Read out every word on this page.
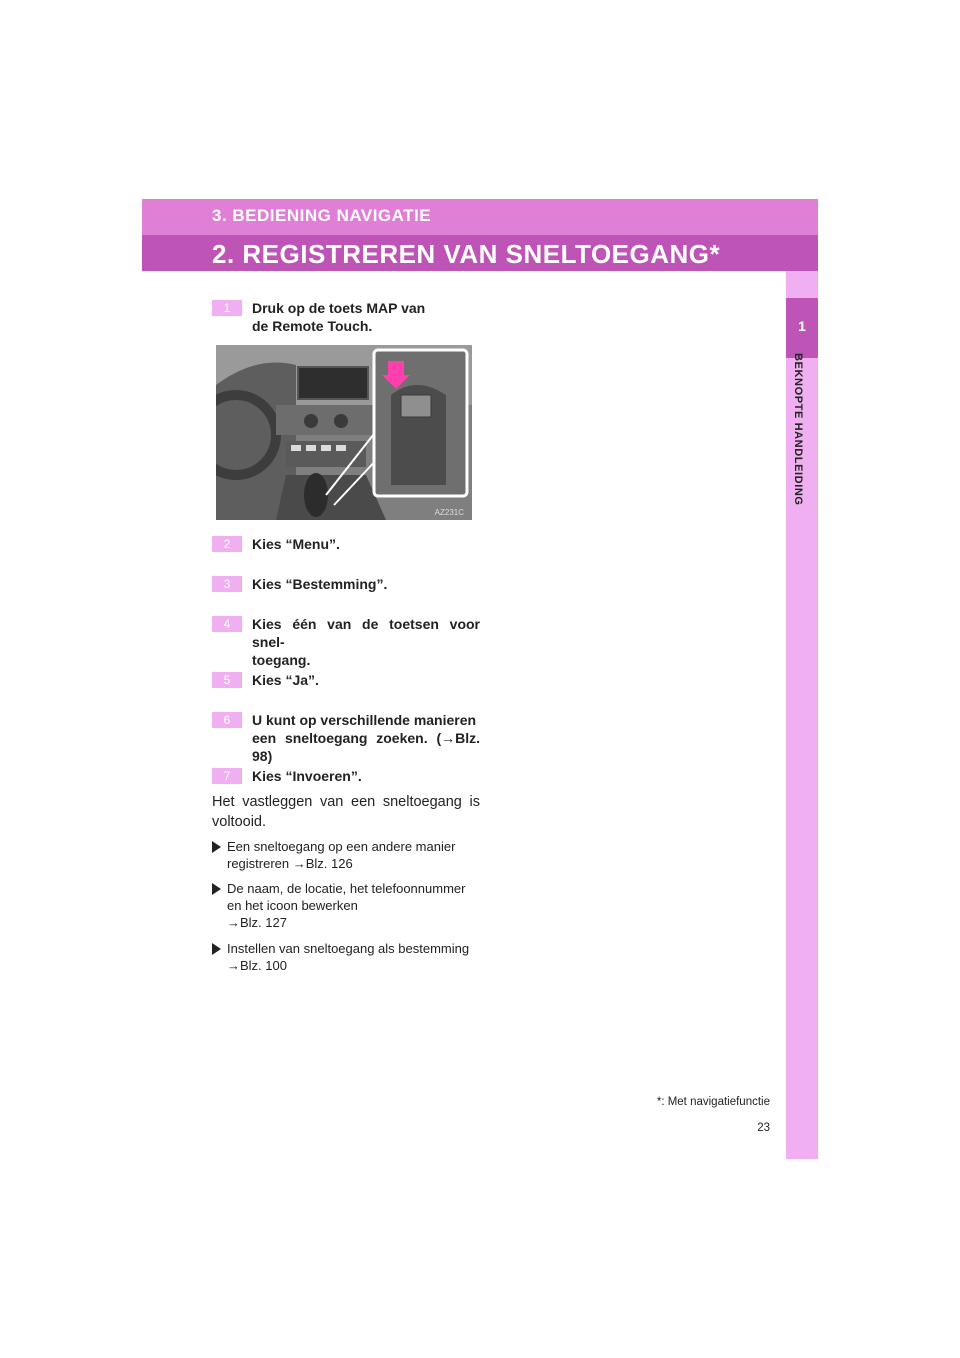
3. BEDIENING NAVIGATIE
2. REGISTREREN VAN SNELTOEGANG*
1
BEKNOPTE HANDLEIDING
1	Druk op de toets MAP van
de Remote Touch.
AZ231C
2	Kies “Menu”.
3	Kies “Bestemming”.
4	Kies één van de toetsen voor snel-
toegang.
5	Kies “Ja”.
6	U kunt op verschillende manieren
een sneltoegang zoeken. (→Blz. 98)
7	Kies “Invoeren”.
Het vastleggen van een sneltoegang is voltooid.
Een sneltoegang op een andere manier
registreren →Blz. 126
De naam, de locatie, het telefoonnummer
en het icoon bewerken
→Blz. 127
Instellen van sneltoegang als bestemming
→Blz. 100
*: Met navigatiefunctie
23
